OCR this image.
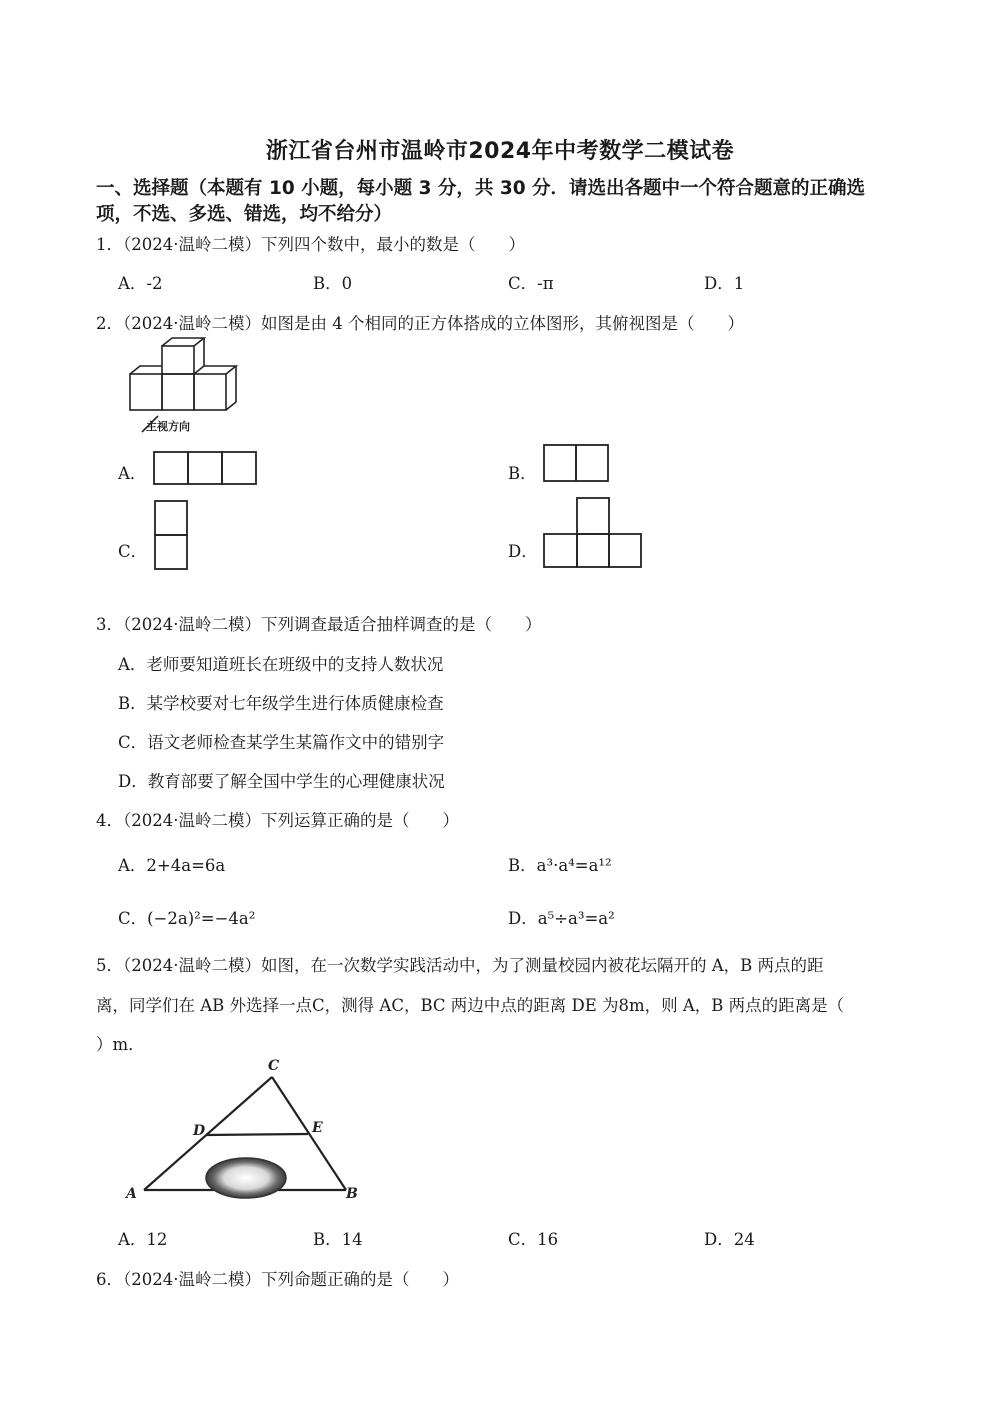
浙江省台州市温岭市2024年中考数学二模试卷
一、选择题（本题有 10 小题，每小题 3 分，共 30 分．请选出各题中一个符合题意的正确选
项，不选、多选、错选，均不给分）
1．（2024·温岭二模）下列四个数中，最小的数是（　　）
A．-2	B．0	C．-π	D．1
2．（2024·温岭二模）如图是由 4 个相同的正方体搭成的立体图形，其俯视图是（　　）
主视方向
A．	B．
C．	D．
3．（2024·温岭二模）下列调查最适合抽样调查的是（　　）
A．老师要知道班长在班级中的支持人数状况
B．某学校要对七年级学生进行体质健康检查
C．语文老师检查某学生某篇作文中的错别字
D．教育部要了解全国中学生的心理健康状况
4．（2024·温岭二模）下列运算正确的是（　　）
A．2+4a=6a	B．a³·a⁴=a¹²
C．(−2a)²=−4a²	D．a⁵÷a³=a²
5．（2024·温岭二模）如图，在一次数学实践活动中，为了测量校园内被花坛隔开的 A，B 两点的距
离，同学们在 AB 外选择一点C，测得 AC，BC 两边中点的距离 DE 为8m，则 A，B 两点的距离是（
）m．
C
D	E
A	B
A．12	B．14	C．16	D．24
6．（2024·温岭二模）下列命题正确的是（　　）
